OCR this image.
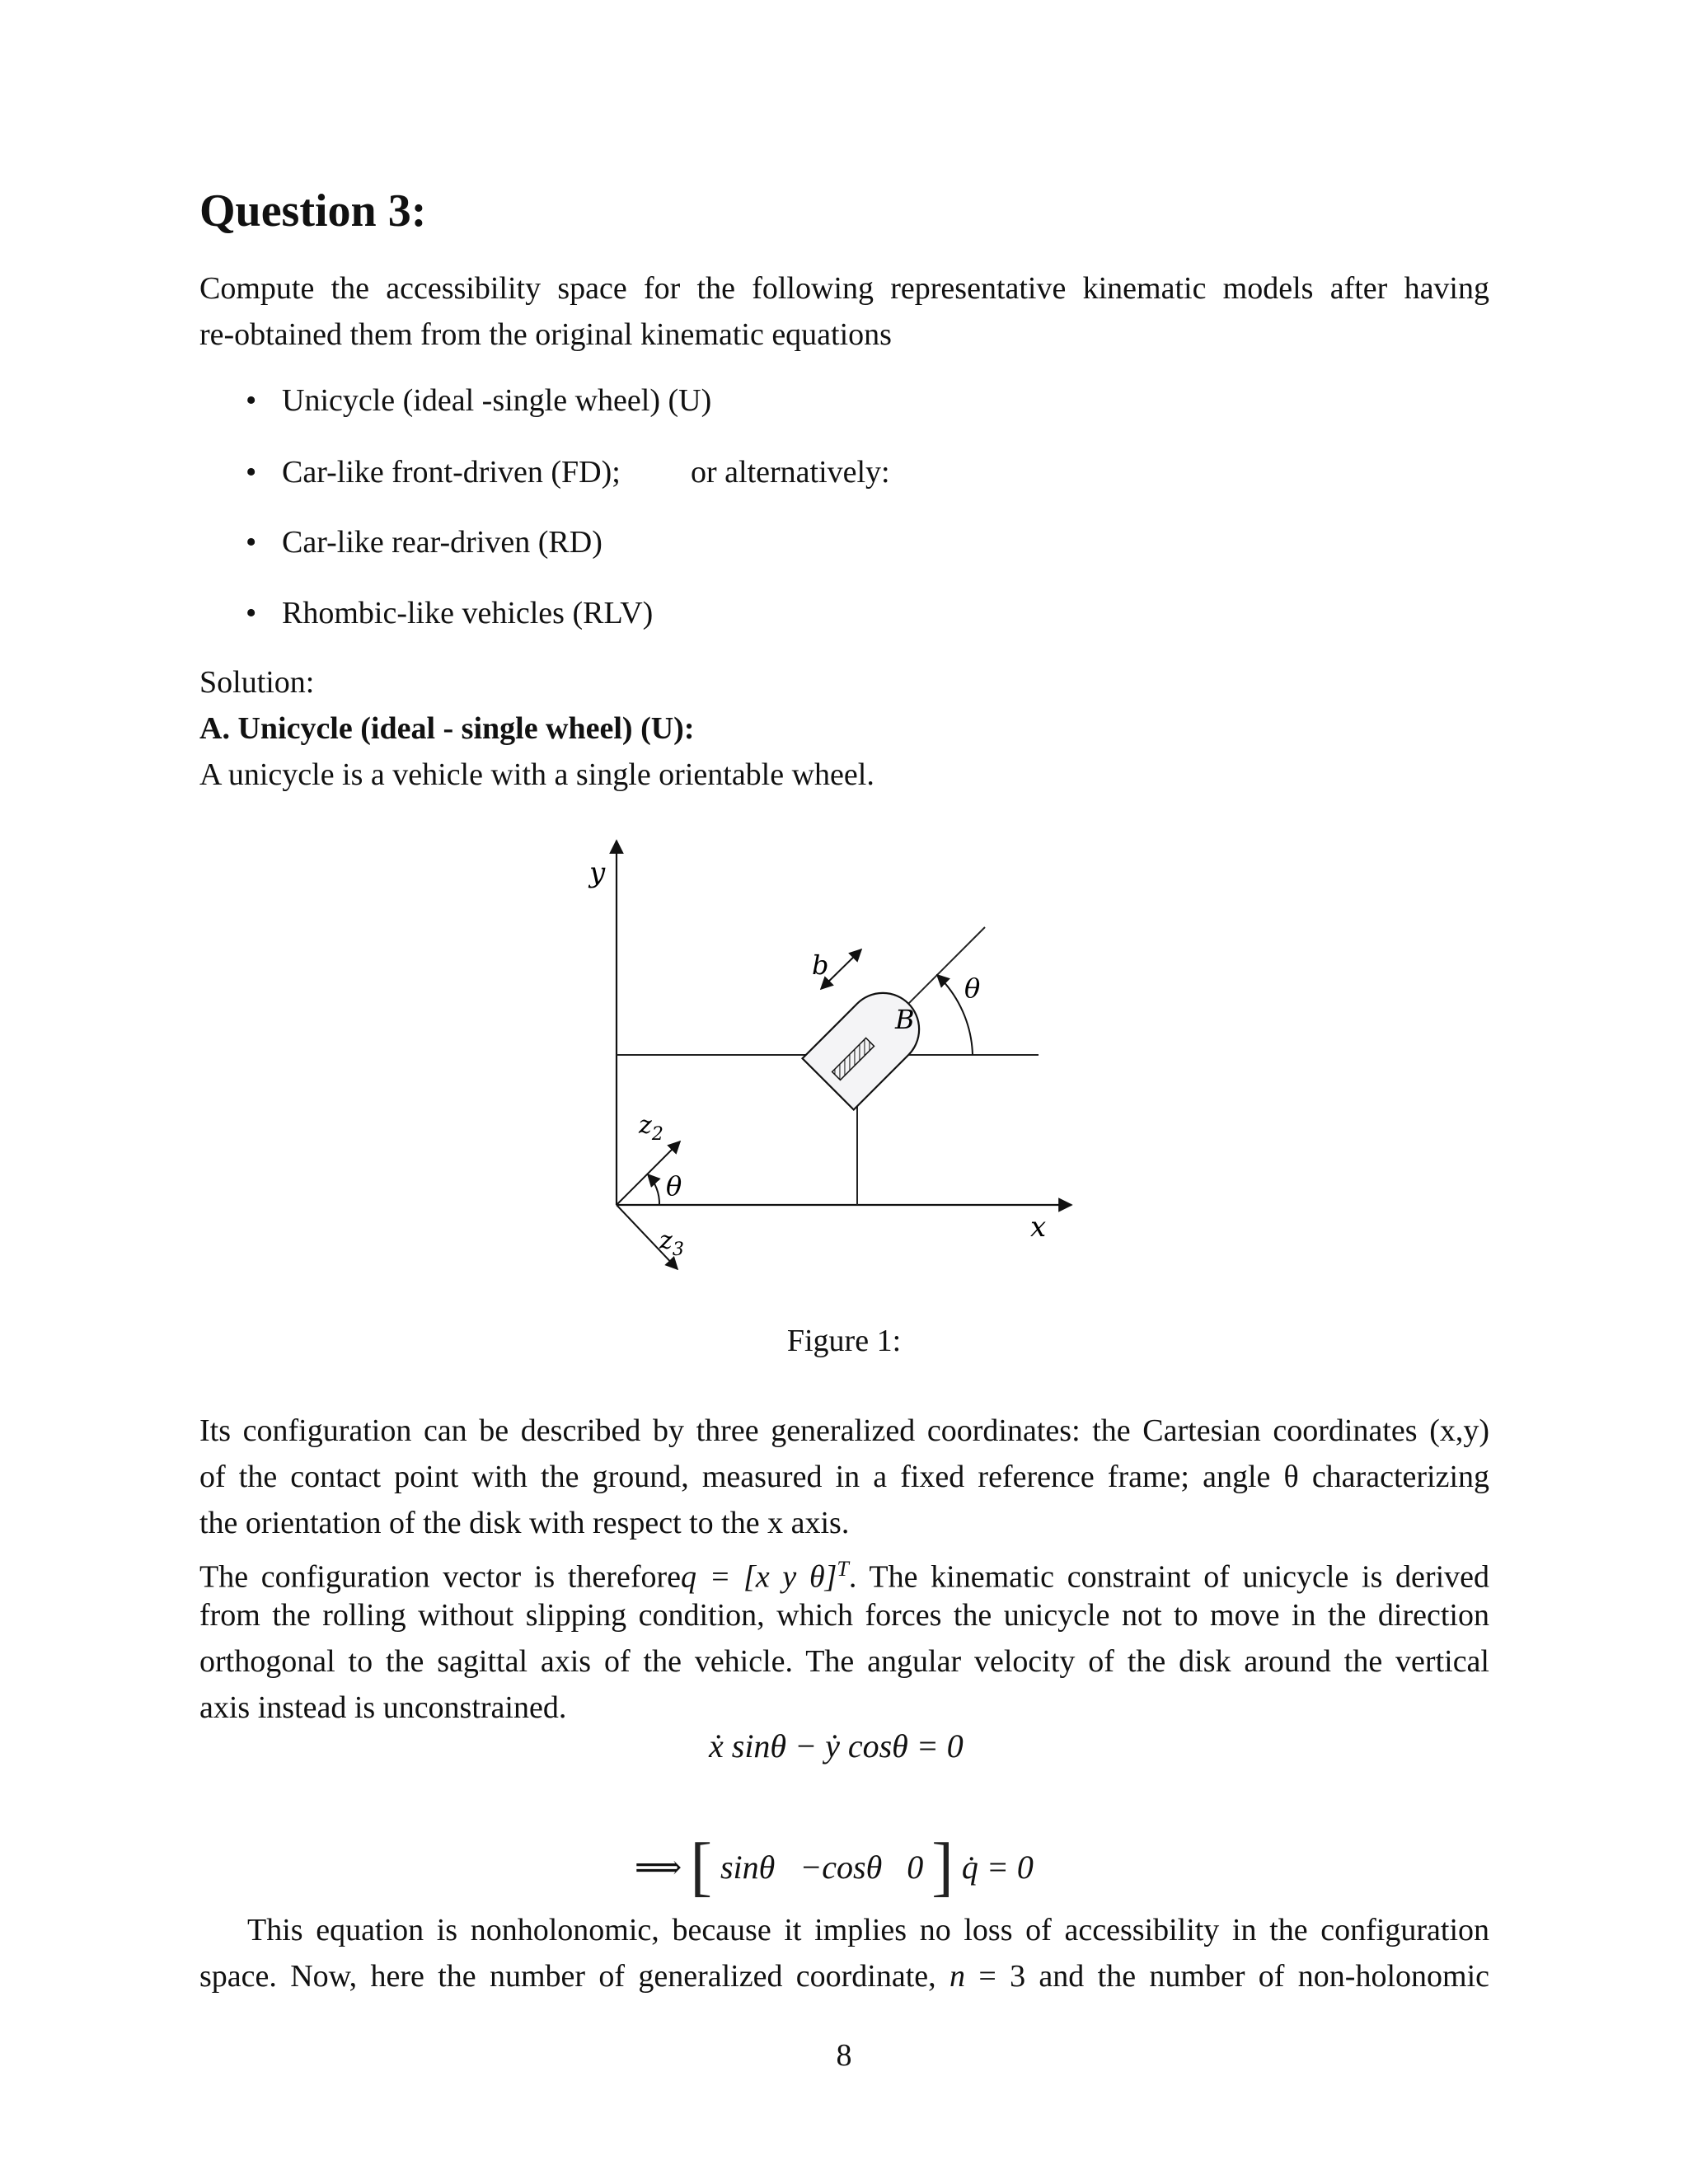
Question 3:
Compute the accessibility space for the following representative kinematic models after having
re-obtained them from the original kinematic equations
• Unicycle (ideal -single wheel) (U)
• Car-like front-driven (FD); or alternatively:
• Car-like rear-driven (RD)
• Rhombic-like vehicles (RLV)
Solution:
A. Unicycle (ideal - single wheel) (U):
A unicycle is a vehicle with a single orientable wheel.
y
x
B
b
θ
$z_2$
$z_3$
θ
Figure 1:
Its configuration can be described by three generalized coordinates: the Cartesian coordinates (x,y)
of the contact point with the ground, measured in a fixed reference frame; angle θ characterizing
the orientation of the disk with respect to the x axis.
The configuration vector is thereforeq = [x y θ]$^T$. The kinematic constraint of unicycle is derived
from the rolling without slipping condition, which forces the unicycle not to move in the direction
orthogonal to the sagittal axis of the vehicle. The angular velocity of the disk around the vertical
axis instead is unconstrained.
ẋ sinθ − ẏ cosθ = 0
⟹ [ sinθ   −cosθ   0 ] q̇ = 0
This equation is nonholonomic, because it implies no loss of accessibility in the configuration
space. Now, here the number of generalized coordinate, n = 3 and the number of non-holonomic
8
